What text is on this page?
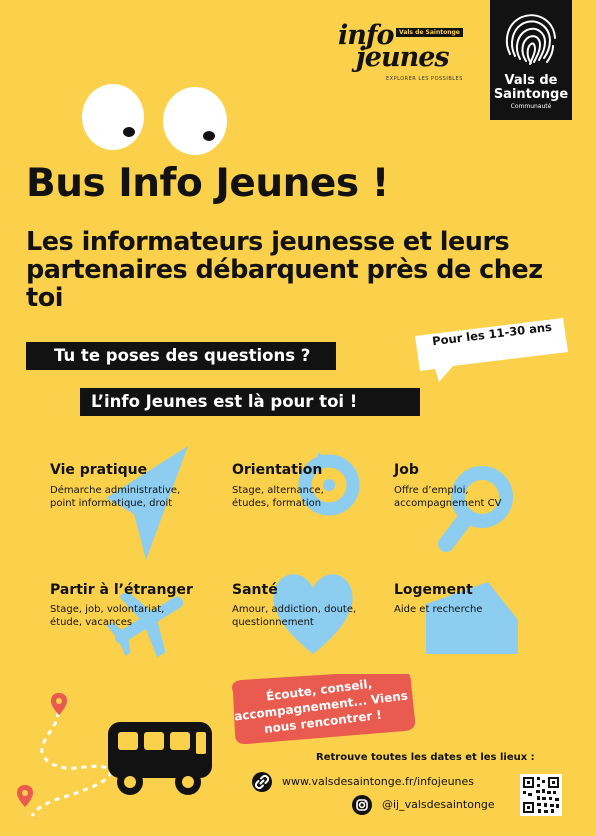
info Vals de Saintonge
jeunes
EXPLORER LES POSSIBLES	Vals de
Saintonge
Communauté
Bus Info Jeunes !
Les informateurs jeunesse et leurs partenaires débarquent près de chez toi
Tu te poses des questions ?
L’info Jeunes est là pour toi !
Pour les 11-30 ans
Vie pratique
Démarche administrative, point informatique, droit
Orientation
Stage, alternance, études, formation
Job
Offre d’emploi, accompagnement CV
Partir à l’étranger
Stage, job, volontariat, étude, vacances
Santé
Amour, addiction, doute, questionnement
Logement
Aide et recherche
Écoute, conseil, accompagnement... Viens nous rencontrer !
Retrouve toutes les dates et les lieux :
www.valsdesaintonge.fr/infojeunes
@ij_valsdesaintonge
